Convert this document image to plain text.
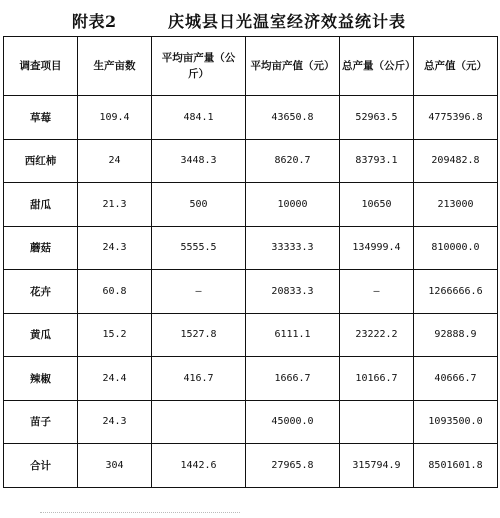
附表2	庆城县日光温室经济效益统计表
调查项目	生产亩数	平均亩产量（公斤）	平均亩产值（元）	总产量（公斤）	总产值（元）
草莓	109.4	484.1	43650.8	52963.5	4775396.8
西红柿	24	3448.3	8620.7	83793.1	209482.8
甜瓜	21.3	500	10000	10650	213000
蘑菇	24.3	5555.5	33333.3	134999.4	810000.0
花卉	60.8	—	20833.3	—	1266666.6
黄瓜	15.2	1527.8	6111.1	23222.2	92888.9
辣椒	24.4	416.7	1666.7	10166.7	40666.7
苗子	24.3		45000.0		1093500.0
合计	304	1442.6	27965.8	315794.9	8501601.8
